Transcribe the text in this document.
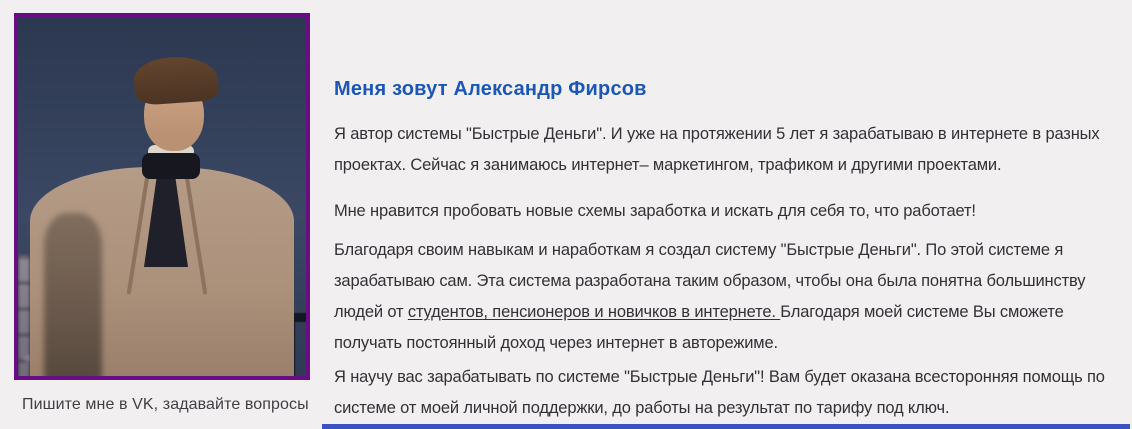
Пишите мне в VK, задавайте вопросы
Меня зовут Александр Фирсов

Я автор системы "Быстрые Деньги". И уже на протяжении 5 лет я зарабатываю в интернете в разных проектах. Сейчас я занимаюсь интернет– маркетингом, трафиком и другими проектами.

Мне нравится пробовать новые схемы заработка и искать для себя то, что работает!

Благодаря своим навыкам и наработкам я создал систему "Быстрые Деньги". По этой системе я зарабатываю сам. Эта система разработана таким образом, чтобы она была понятна большинству людей от студентов, пенсионеров и новичков в интернете. Благодаря моей системе Вы сможете получать постоянный доход через интернет в авторежиме.

Я научу вас зарабатывать по системе "Быстрые Деньги"! Вам будет оказана всесторонняя помощь по системе от моей личной поддержки, до работы на результат по тарифу под ключ.
